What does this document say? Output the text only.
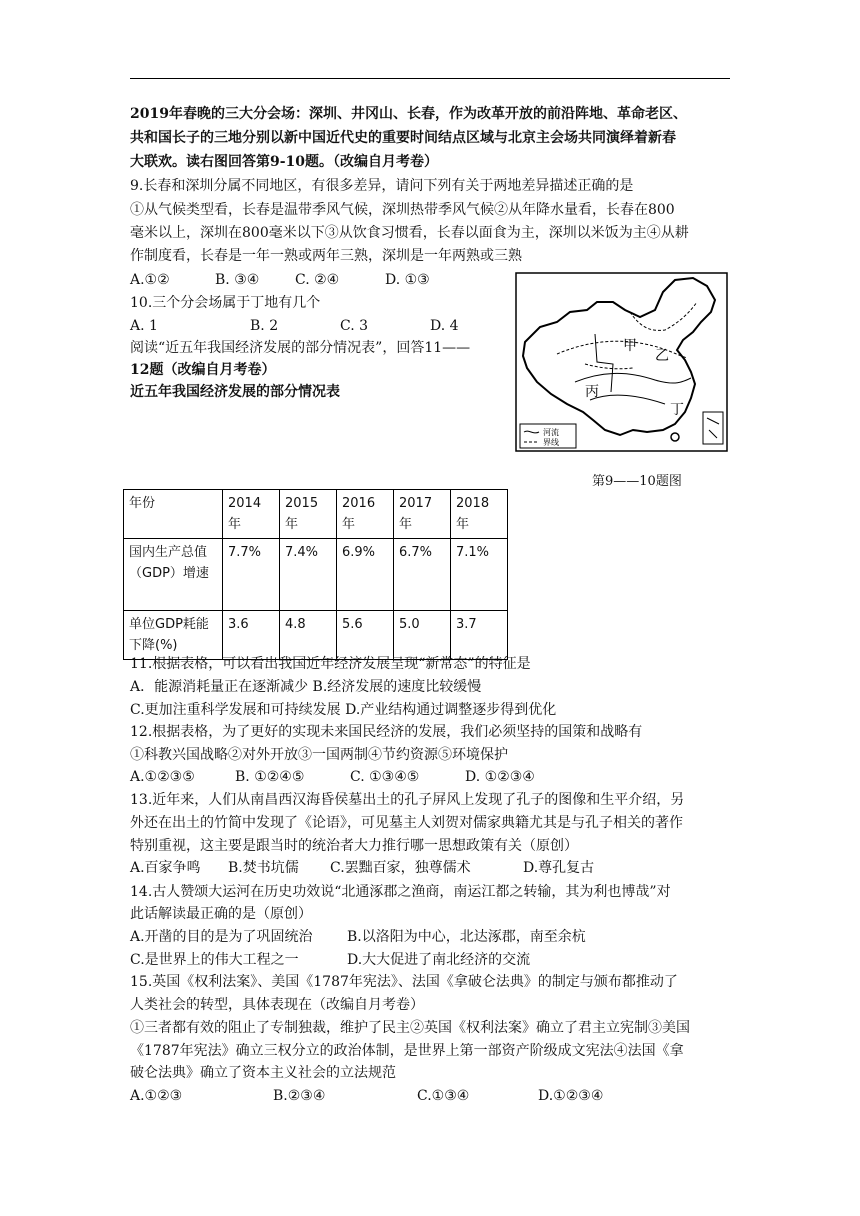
2019年春晚的三大分会场：深圳、井冈山、长春，作为改革开放的前沿阵地、革命老区、
共和国长子的三地分别以新中国近代史的重要时间结点区域与北京主会场共同演绎着新春
大联欢。读右图回答第9-10题。（改编自月考卷）
9.长春和深圳分属不同地区，有很多差异，请问下列有关于两地差异描述正确的是
①从气候类型看，长春是温带季风气候，深圳热带季风气候②从年降水量看，长春在800
毫米以上，深圳在800毫米以下③从饮食习惯看，长春以面食为主，深圳以米饭为主④从耕
作制度看，长春是一年一熟或两年三熟，深圳是一年两熟或三熟
A.①②	B. ③④	C. ②④	D. ①③
10.三个分会场属于丁地有几个
A. 1	B. 2	C. 3	D. 4
阅读“近五年我国经济发展的部分情况表”，回答11——
12题（改编自月考卷）
近五年我国经济发展的部分情况表
甲
乙
丙
丁
河流
界线
第9——10题图
年份	2014年	2015年	2016年	2017年	2018年
国内生产总值（GDP）增速	7.7%	7.4%	6.9%	6.7%	7.1%
单位GDP耗能下降(%)	3.6	4.8	5.6	5.0	3.7
11.根据表格，可以看出我国近年经济发展呈现“新常态”的特征是
A．能源消耗量正在逐渐减少 B.经济发展的速度比较缓慢
C.更加注重科学发展和可持续发展 D.产业结构通过调整逐步得到优化
12.根据表格，为了更好的实现未来国民经济的发展，我们必须坚持的国策和战略有
①科教兴国战略②对外开放③一国两制④节约资源⑤环境保护
A.①②③⑤	B. ①②④⑤	C. ①③④⑤	D. ①②③④
13.近年来，人们从南昌西汉海昏侯墓出土的孔子屏风上发现了孔子的图像和生平介绍，另
外还在出土的竹简中发现了《论语》，可见墓主人刘贺对儒家典籍尤其是与孔子相关的著作
特别重视，这主要是跟当时的统治者大力推行哪一思想政策有关（原创）
A.百家争鸣 B.焚书坑儒 C.罢黜百家，独尊儒术	D.尊孔复古
14.古人赞颂大运河在历史功效说“北通涿郡之渔商，南运江都之转输，其为利也博哉”对
此话解读最正确的是（原创）
A.开凿的目的是为了巩固统治 B.以洛阳为中心，北达涿郡，南至余杭
C.是世界上的伟大工程之一	D.大大促进了南北经济的交流
15.英国《权利法案》、美国《1787年宪法》、法国《拿破仑法典》的制定与颁布都推动了
人类社会的转型，具体表现在（改编自月考卷）
①三者都有效的阻止了专制独裁，维护了民主②英国《权利法案》确立了君主立宪制③美国
《1787年宪法》确立三权分立的政治体制，是世界上第一部资产阶级成文宪法④法国《拿
破仑法典》确立了资本主义社会的立法规范
A.①②③	B.②③④	C.①③④	D.①②③④
